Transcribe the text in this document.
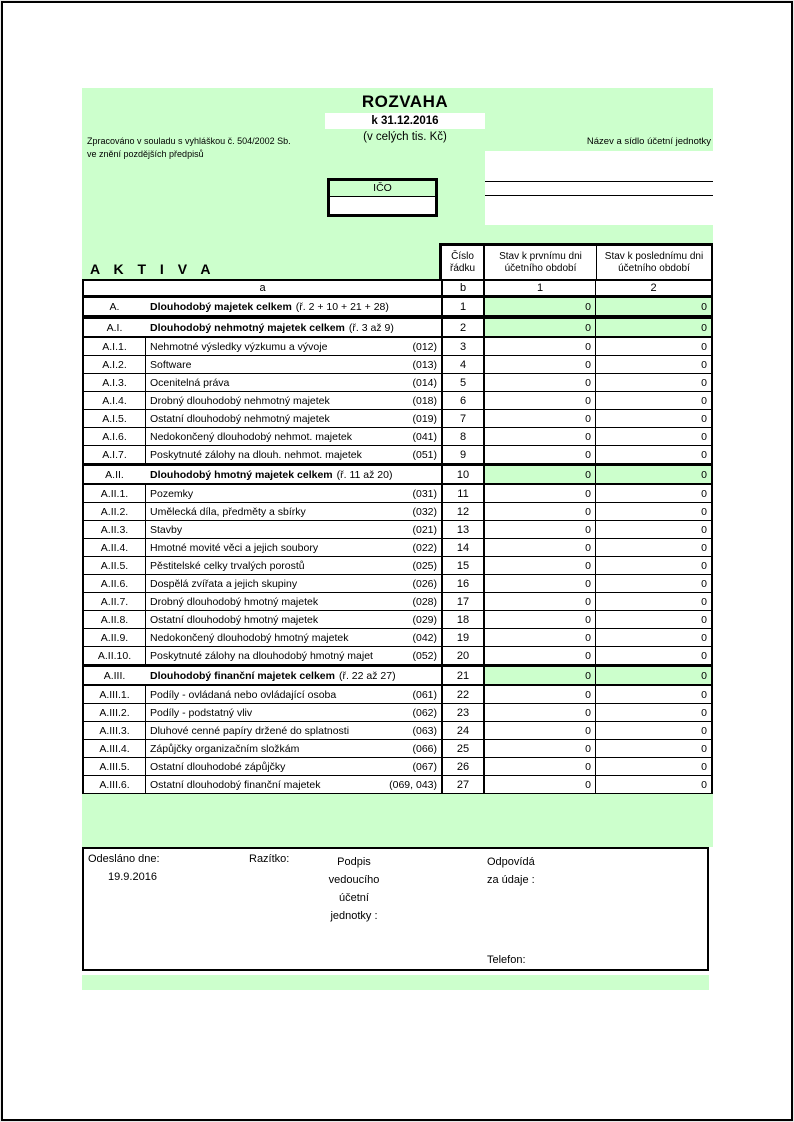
ROZVAHA
k 31.12.2016
(v celých tis. Kč)
Zpracováno v souladu s vyhláškou č. 504/2002 Sb.
ve znění pozdějších předpisů
Název a sídlo účetní jednotky
IČO
A K T I V A
Číslo řádku
Stav k prvnímu dni účetního období
Stav k poslednímu dni účetního období
a	b	1	2
A.	Dlouhodobý majetek celkem (ř. 2 + 10 + 21 + 28)	1	0	0
A.I.	Dlouhodobý nehmotný majetek celkem (ř. 3 až 9)	2	0	0
A.I.1.	Nehmotné výsledky výzkumu a vývoje	(012)	3	0	0
A.I.2.	Software	(013)	4	0	0
A.I.3.	Ocenitelná práva	(014)	5	0	0
A.I.4.	Drobný dlouhodobý nehmotný majetek	(018)	6	0	0
A.I.5.	Ostatní dlouhodobý nehmotný majetek	(019)	7	0	0
A.I.6.	Nedokončený dlouhodobý nehmot. majetek	(041)	8	0	0
A.I.7.	Poskytnuté zálohy na dlouh. nehmot. majetek	(051)	9	0	0
A.II.	Dlouhodobý hmotný majetek celkem (ř. 11 až 20)	10	0	0
A.II.1.	Pozemky	(031)	11	0	0
A.II.2.	Umělecká díla, předměty a sbírky	(032)	12	0	0
A.II.3.	Stavby	(021)	13	0	0
A.II.4.	Hmotné movité věci a jejich soubory	(022)	14	0	0
A.II.5.	Pěstitelské celky trvalých porostů	(025)	15	0	0
A.II.6.	Dospělá zvířata a jejich skupiny	(026)	16	0	0
A.II.7.	Drobný dlouhodobý hmotný majetek	(028)	17	0	0
A.II.8.	Ostatní dlouhodobý hmotný majetek	(029)	18	0	0
A.II.9.	Nedokončený dlouhodobý hmotný majetek	(042)	19	0	0
A.II.10.	Poskytnuté zálohy na dlouhodobý hmotný majet	(052)	20	0	0
A.III.	Dlouhodobý finanční majetek celkem (ř. 22 až 27)	21	0	0
A.III.1.	Podíly - ovládaná nebo ovládající osoba	(061)	22	0	0
A.III.2.	Podíly - podstatný vliv	(062)	23	0	0
A.III.3.	Dluhové cenné papíry držené do splatnosti	(063)	24	0	0
A.III.4.	Zápůjčky organizačním složkám	(066)	25	0	0
A.III.5.	Ostatní dlouhodobé zápůjčky	(067)	26	0	0
A.III.6.	Ostatní dlouhodobý finanční majetek	(069, 043)	27	0	0
Odesláno dne:
19.9.2016
Razítko:	Podpis
vedoucího
účetní
jednotky :
Odpovídá
za údaje :
Telefon:
